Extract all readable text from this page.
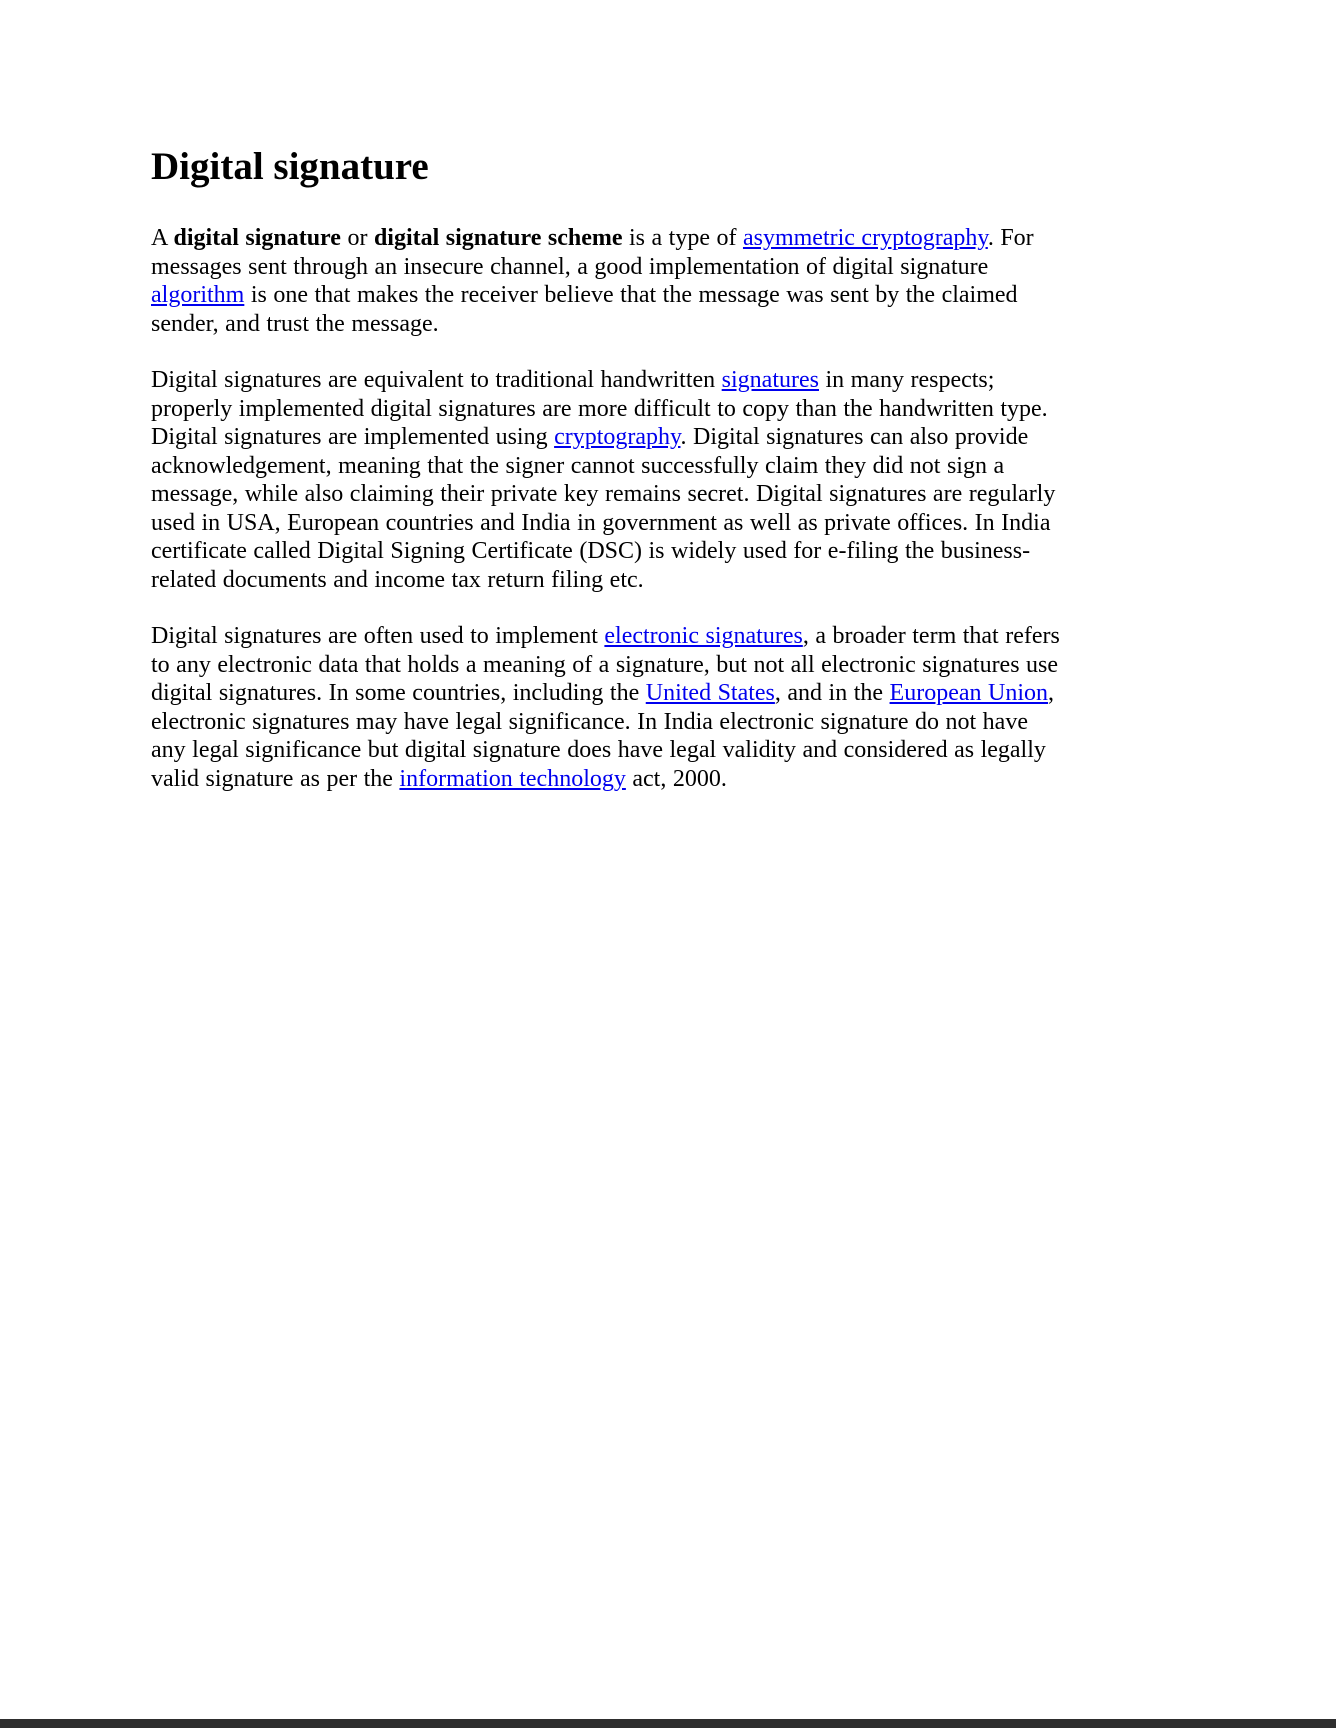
Digital signature

A digital signature or digital signature scheme is a type of asymmetric cryptography. For messages sent through an insecure channel, a good implementation of digital signature algorithm is one that makes the receiver believe that the message was sent by the claimed sender, and trust the message.

Digital signatures are equivalent to traditional handwritten signatures in many respects; properly implemented digital signatures are more difficult to copy than the handwritten type. Digital signatures are implemented using cryptography. Digital signatures can also provide acknowledgement, meaning that the signer cannot successfully claim they did not sign a message, while also claiming their private key remains secret. Digital signatures are regularly used in USA, European countries and India in government as well as private offices. In India certificate called Digital Signing Certificate (DSC) is widely used for e-filing the business-related documents and income tax return filing etc.

Digital signatures are often used to implement electronic signatures, a broader term that refers to any electronic data that holds a meaning of a signature, but not all electronic signatures use digital signatures. In some countries, including the United States, and in the European Union, electronic signatures may have legal significance. In India electronic signature do not have any legal significance but digital signature does have legal validity and considered as legally valid signature as per the information technology act, 2000.
